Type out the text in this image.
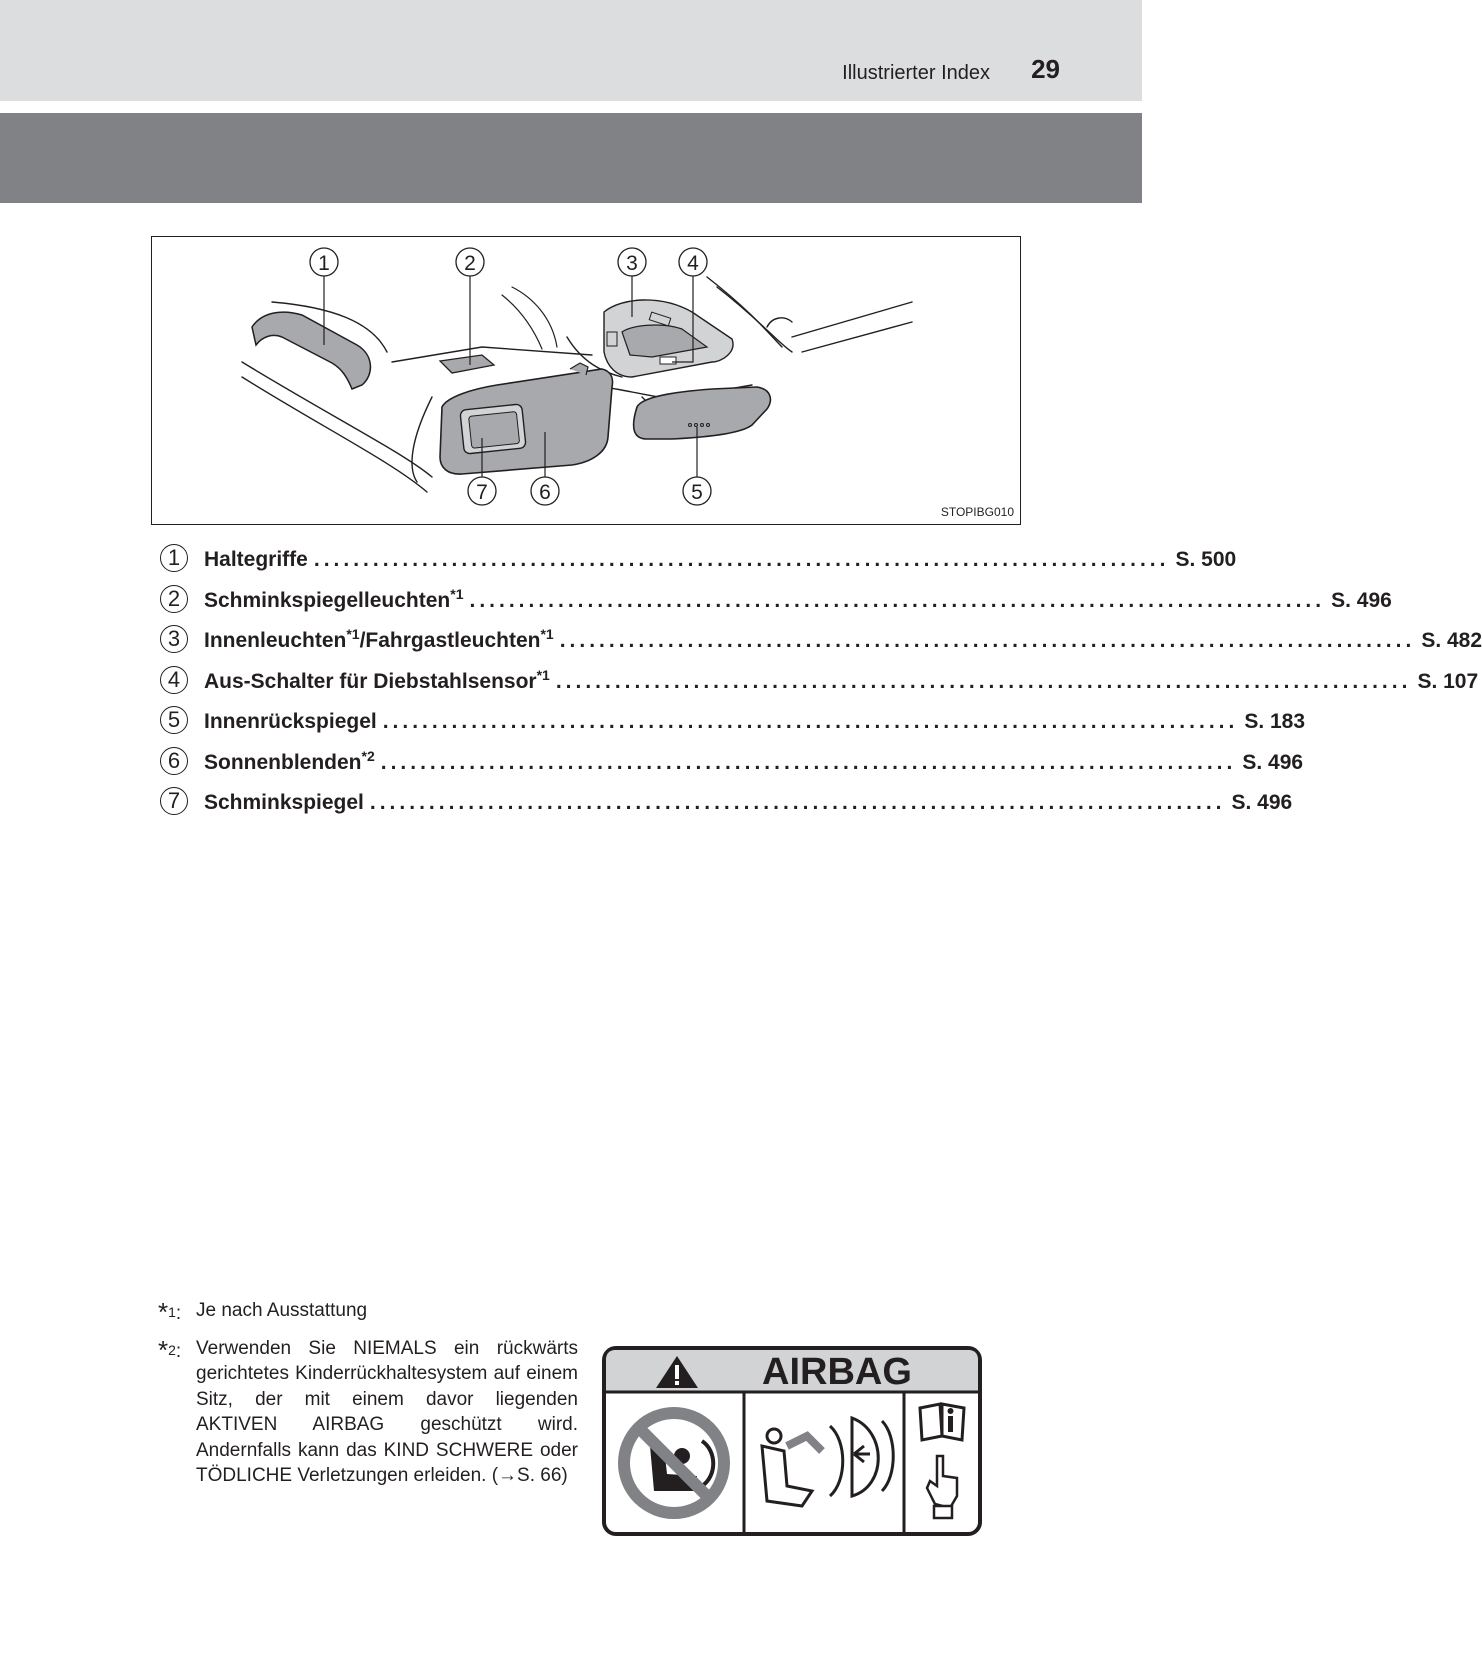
Illustrierter Index 29
1	2	3 4
5
6
7
STOPIBG010
1	Haltegriffe ....................................................................................... S. 500
2	Schminkspiegelleuchten$^{*1}$ ....................................................................................... S. 496
3	Innenleuchten$^{*1}$/Fahrgastleuchten$^{*1}$ ....................................................................................... S. 482
4	Aus-Schalter für Diebstahlsensor$^{*1}$ ....................................................................................... S. 107
5	Innenrückspiegel ....................................................................................... S. 183
6	Sonnenblenden$^{*2}$ ....................................................................................... S. 496
7	Schminkspiegel ....................................................................................... S. 496
*1: Je nach Ausstattung
*2: Verwenden Sie NIEMALS ein rückwärts gerichtetes Kinderrückhaltesystem auf einem Sitz, der mit einem davor liegenden AKTIVEN AIRBAG geschützt wird. Andernfalls kann das KIND SCHWERE oder TÖDLICHE Verletzungen erleiden. (→S. 66)
AIRBAG
